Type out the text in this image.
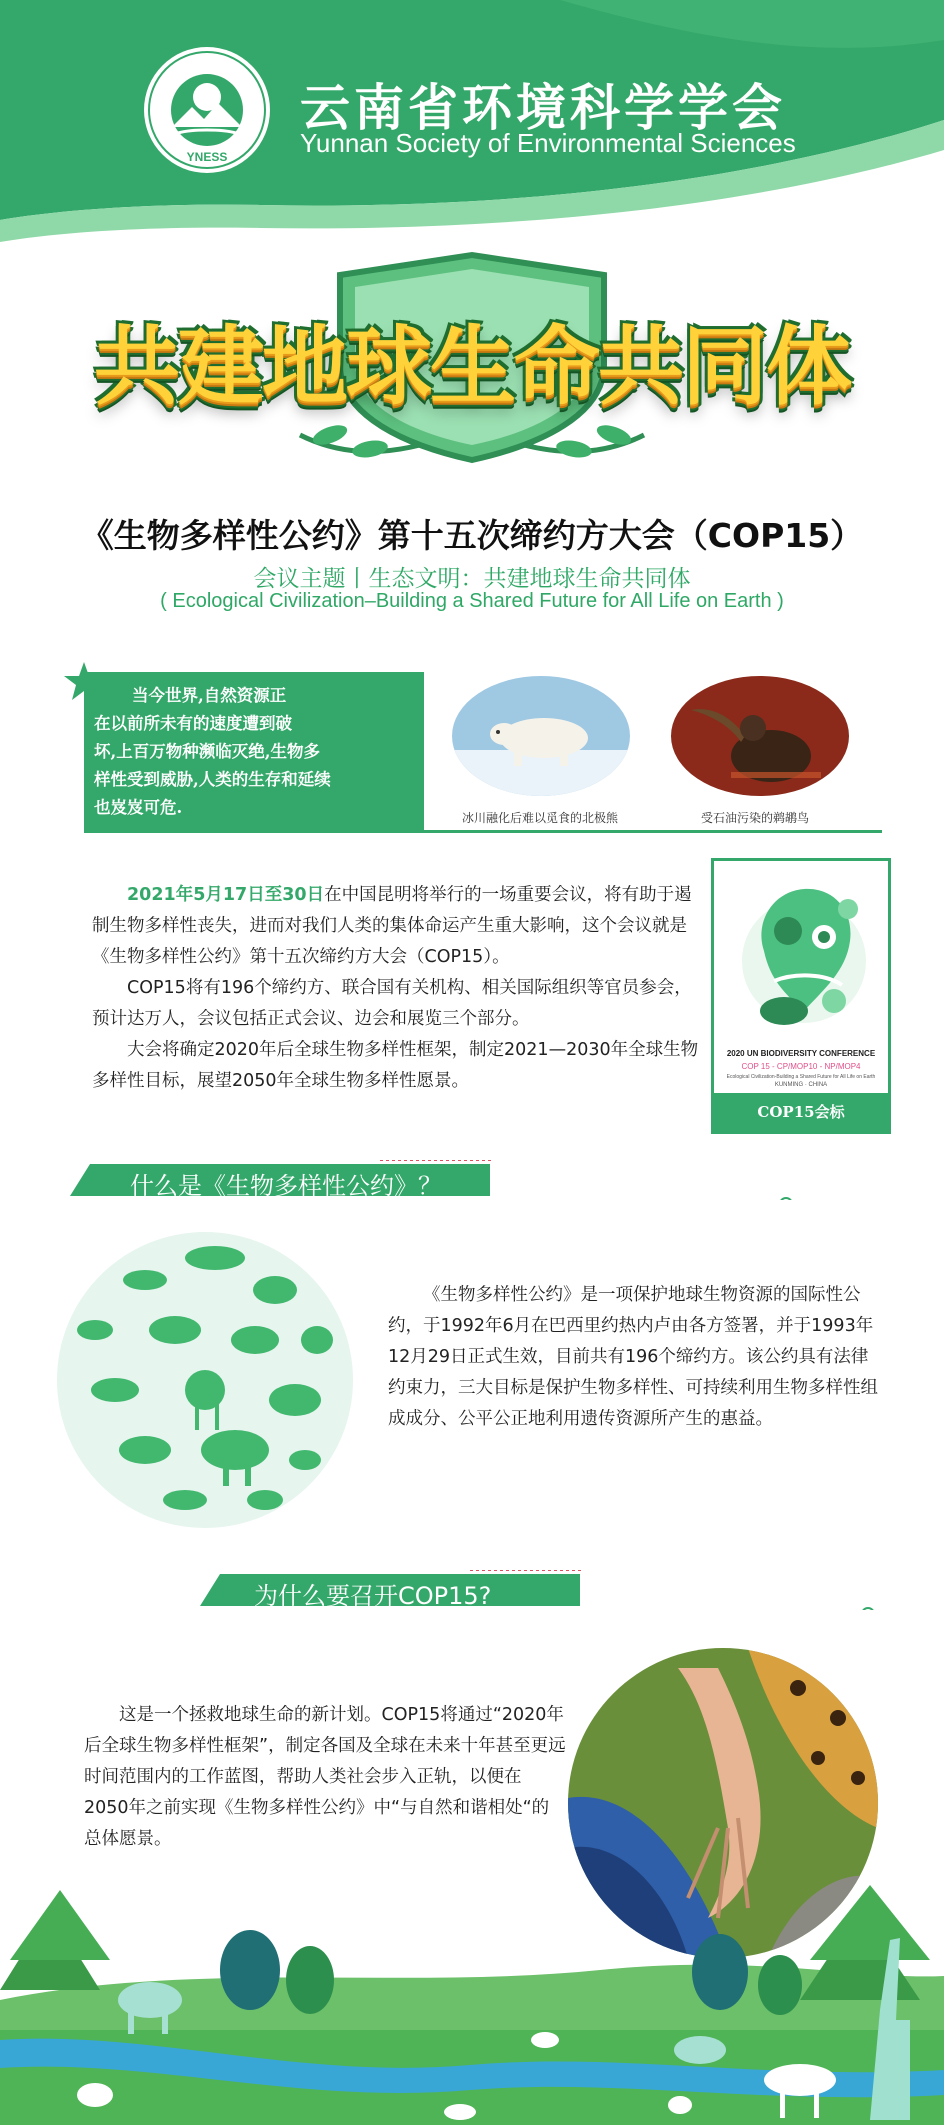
YNESS
云南省环境科学学会
Yunnan Society of Environmental Sciences
共建地球生命共同体
《生物多样性公约》第十五次缔约方大会（COP15）
会议主题丨生态文明：共建地球生命共同体
( Ecological Civilization–Building a Shared Future for All Life on Earth )
当今世界,自然资源正
在以前所未有的速度遭到破
坏,上百万物种濒临灭绝,生物多
样性受到威胁,人类的生存和延续
也岌岌可危.
冰川融化后难以觅食的北极熊	受石油污染的鹈鹕鸟

2021年5月17日至30日在中国昆明将举行的一场重要会议，将有助于遏制生物多样性丧失，进而对我们人类的集体命运产生重大影响，这个会议就是《生物多样性公约》第十五次缔约方大会（COP15）。

COP15将有196个缔约方、联合国有关机构、相关国际组织等官员参会，预计达万人，会议包括正式会议、边会和展览三个部分。

大会将确定2020年后全球生物多样性框架，制定2021—2030年全球生物多样性目标，展望2050年全球生物多样性愿景。

2020 UN BIODIVERSITY CONFERENCE
COP 15 - CP/MOP10 - NP/MOP4
Ecological Civilization-Building a Shared Future for All Life on Earth
KUNMING · CHINA
COP15会标
什么是《生物多样性公约》？

《生物多样性公约》是一项保护地球生物资源的国际性公约，于1992年6月在巴西里约热内卢由各方签署，并于1993年12月29日正式生效，目前共有196个缔约方。该公约具有法律约束力，三大目标是保护生物多样性、可持续利用生物多样性组成成分、公平公正地利用遗传资源所产生的惠益。

为什么要召开COP15?

这是一个拯救地球生命的新计划。COP15将通过“2020年后全球生物多样性框架”，制定各国及全球在未来十年甚至更远时间范围内的工作蓝图，帮助人类社会步入正轨，以便在2050年之前实现《生物多样性公约》中“与自然和谐相处“的总体愿景。
